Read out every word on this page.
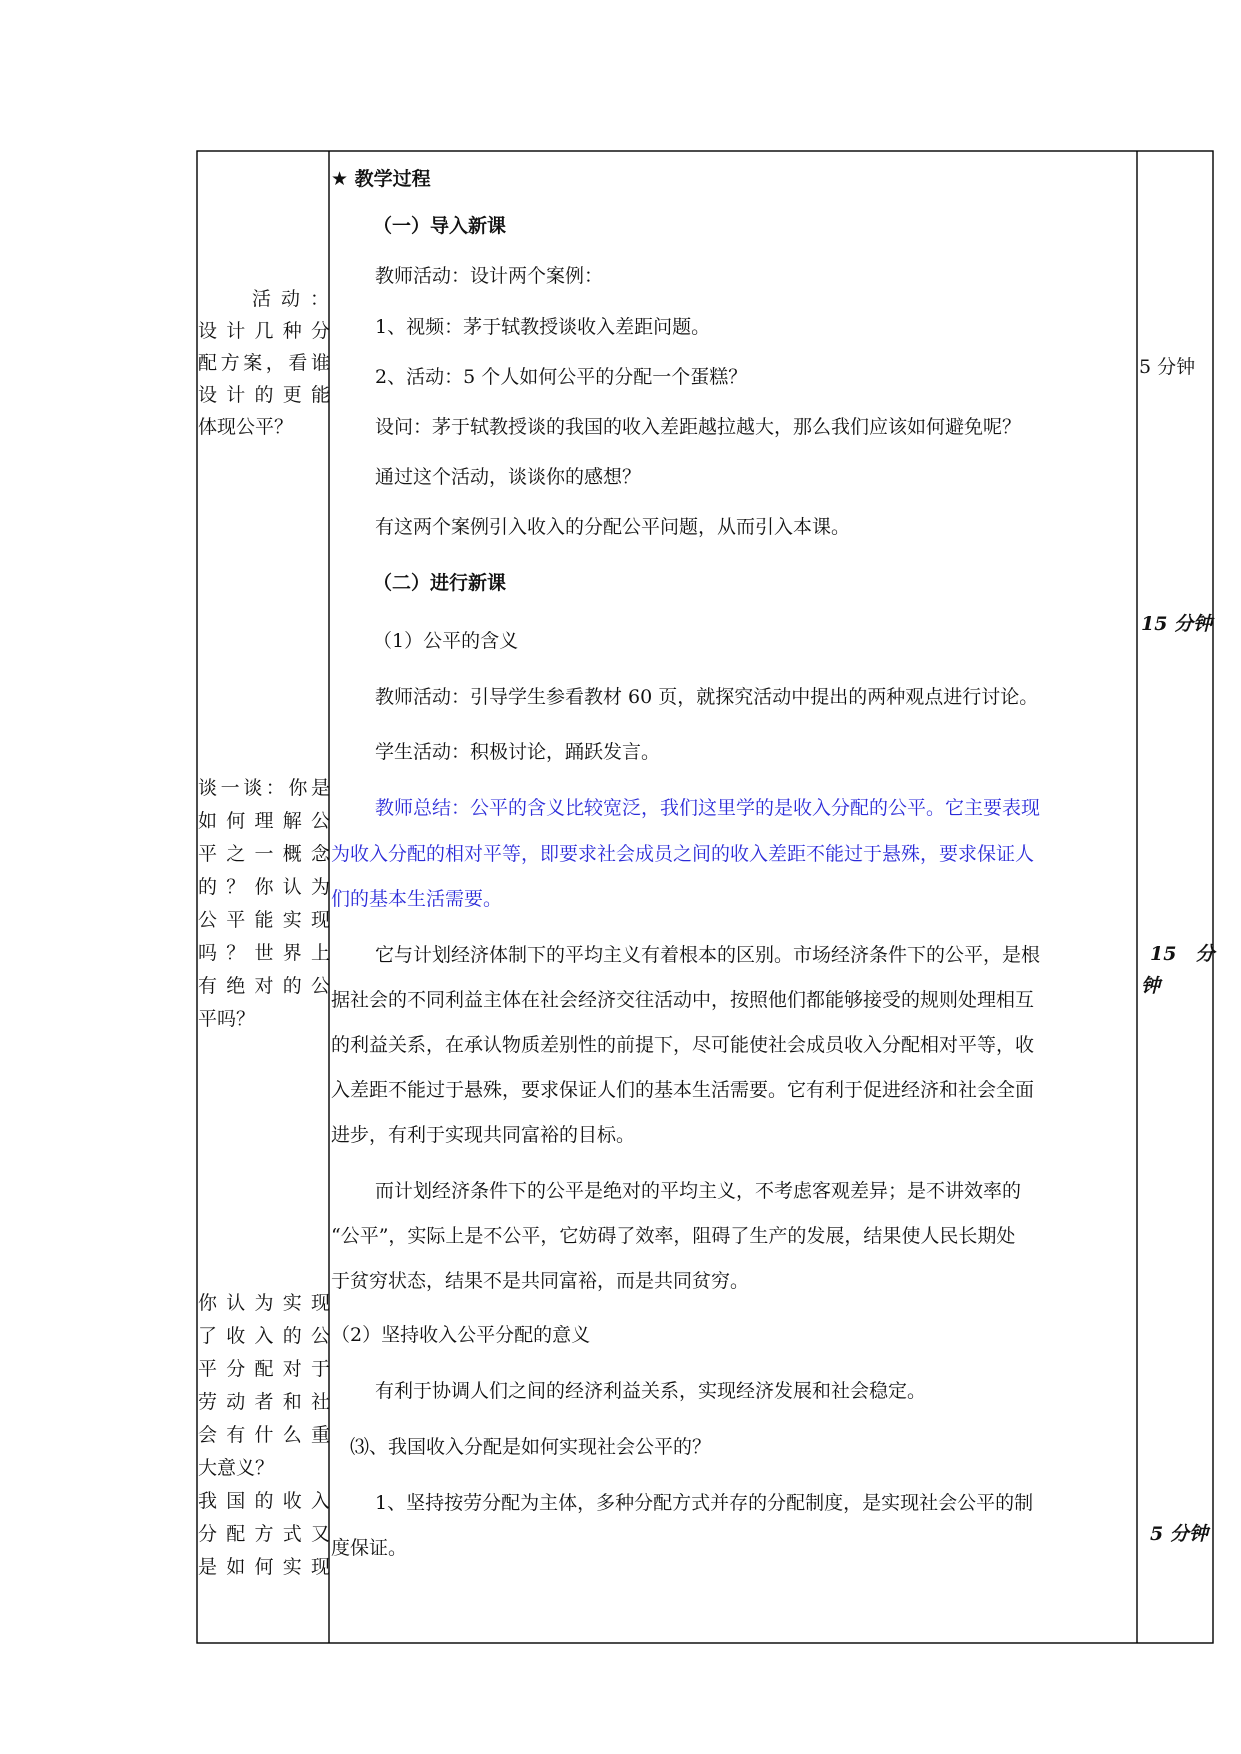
活动：
设计几种分
配方案，看谁
设计的更能
体现公平？
谈一谈：你是
如何理解公
平之一概念
的？你认为
公平能实现
吗？世界上
有绝对的公
平吗？
你认为实现
了收入的公
平分配对于
劳动者和社
会有什么重
大意义？
我国的收入
分配方式又
是如何实现
★ 教学过程
（一）导入新课
教师活动：设计两个案例：
1、视频：茅于轼教授谈收入差距问题。
2、活动：5 个人如何公平的分配一个蛋糕？
设问：茅于轼教授谈的我国的收入差距越拉越大，那么我们应该如何避免呢？
通过这个活动，谈谈你的感想？
有这两个案例引入收入的分配公平问题，从而引入本课。
（二）进行新课
（1）公平的含义
教师活动：引导学生参看教材 60 页，就探究活动中提出的两种观点进行讨论。
学生活动：积极讨论，踊跃发言。
教师总结：公平的含义比较宽泛，我们这里学的是收入分配的公平。它主要表现
为收入分配的相对平等，即要求社会成员之间的收入差距不能过于悬殊，要求保证人
们的基本生活需要。
它与计划经济体制下的平均主义有着根本的区别。市场经济条件下的公平，是根
据社会的不同利益主体在社会经济交往活动中，按照他们都能够接受的规则处理相互
的利益关系，在承认物质差别性的前提下，尽可能使社会成员收入分配相对平等，收
入差距不能过于悬殊，要求保证人们的基本生活需要。它有利于促进经济和社会全面
进步，有利于实现共同富裕的目标。
而计划经济条件下的公平是绝对的平均主义，不考虑客观差异；是不讲效率的
“公平”，实际上是不公平，它妨碍了效率，阻碍了生产的发展，结果使人民长期处
于贫穷状态，结果不是共同富裕，而是共同贫穷。
（2）坚持收入公平分配的意义
有利于协调人们之间的经济利益关系，实现经济发展和社会稳定。
⑶、我国收入分配是如何实现社会公平的？
1、坚持按劳分配为主体，多种分配方式并存的分配制度，是实现社会公平的制
度保证。
5 分钟
15 分钟
15　分
钟
5 分钟
